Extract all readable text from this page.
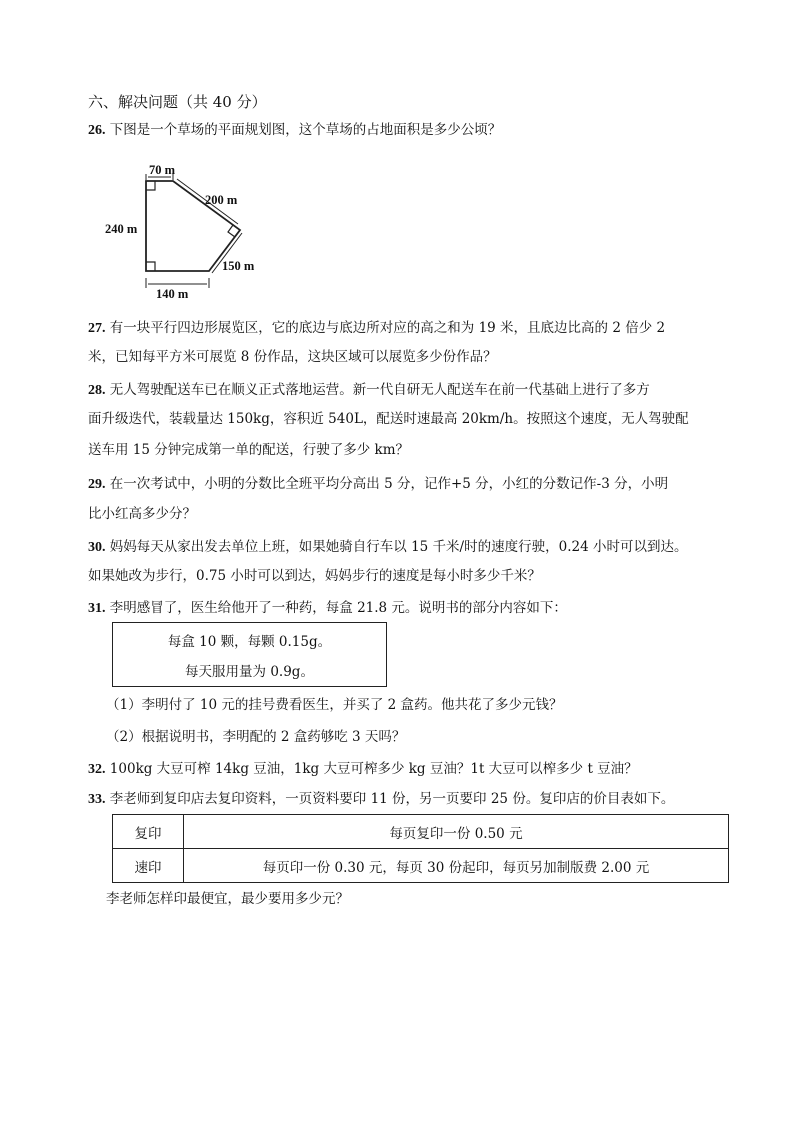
六、解决问题（共 40 分）
26. 下图是一个草场的平面规划图，这个草场的占地面积是多少公顷？
70 m
200 m
240 m
150 m
140 m
27. 有一块平行四边形展览区，它的底边与底边所对应的高之和为 19 米，且底边比高的 2 倍少 2
米，已知每平方米可展览 8 份作品，这块区域可以展览多少份作品？
28. 无人驾驶配送车已在顺义正式落地运营。新一代自研无人配送车在前一代基础上进行了多方
面升级迭代，装载量达 150kg，容积近 540L，配送时速最高 20km/h。按照这个速度，无人驾驶配
送车用 15 分钟完成第一单的配送，行驶了多少 km？
29. 在一次考试中，小明的分数比全班平均分高出 5 分，记作+5 分，小红的分数记作-3 分，小明
比小红高多少分？
30. 妈妈每天从家出发去单位上班，如果她骑自行车以 15 千米/时的速度行驶，0.24 小时可以到达。
如果她改为步行，0.75 小时可以到达，妈妈步行的速度是每小时多少千米？
31. 李明感冒了，医生给他开了一种药，每盒 21.8 元。说明书的部分内容如下：
每盒 10 颗，每颗 0.15g。
每天服用量为 0.9g。
（1）李明付了 10 元的挂号费看医生，并买了 2 盒药。他共花了多少元钱？
（2）根据说明书，李明配的 2 盒药够吃 3 天吗？
32. 100kg 大豆可榨 14kg 豆油，1kg 大豆可榨多少 kg 豆油？1t 大豆可以榨多少 t 豆油？
33. 李老师到复印店去复印资料，一页资料要印 11 份，另一页要印 25 份。复印店的价目表如下。
复印	每页复印一份 0.50 元
速印	每页印一份 0.30 元，每页 30 份起印，每页另加制版费 2.00 元
李老师怎样印最便宜，最少要用多少元？
